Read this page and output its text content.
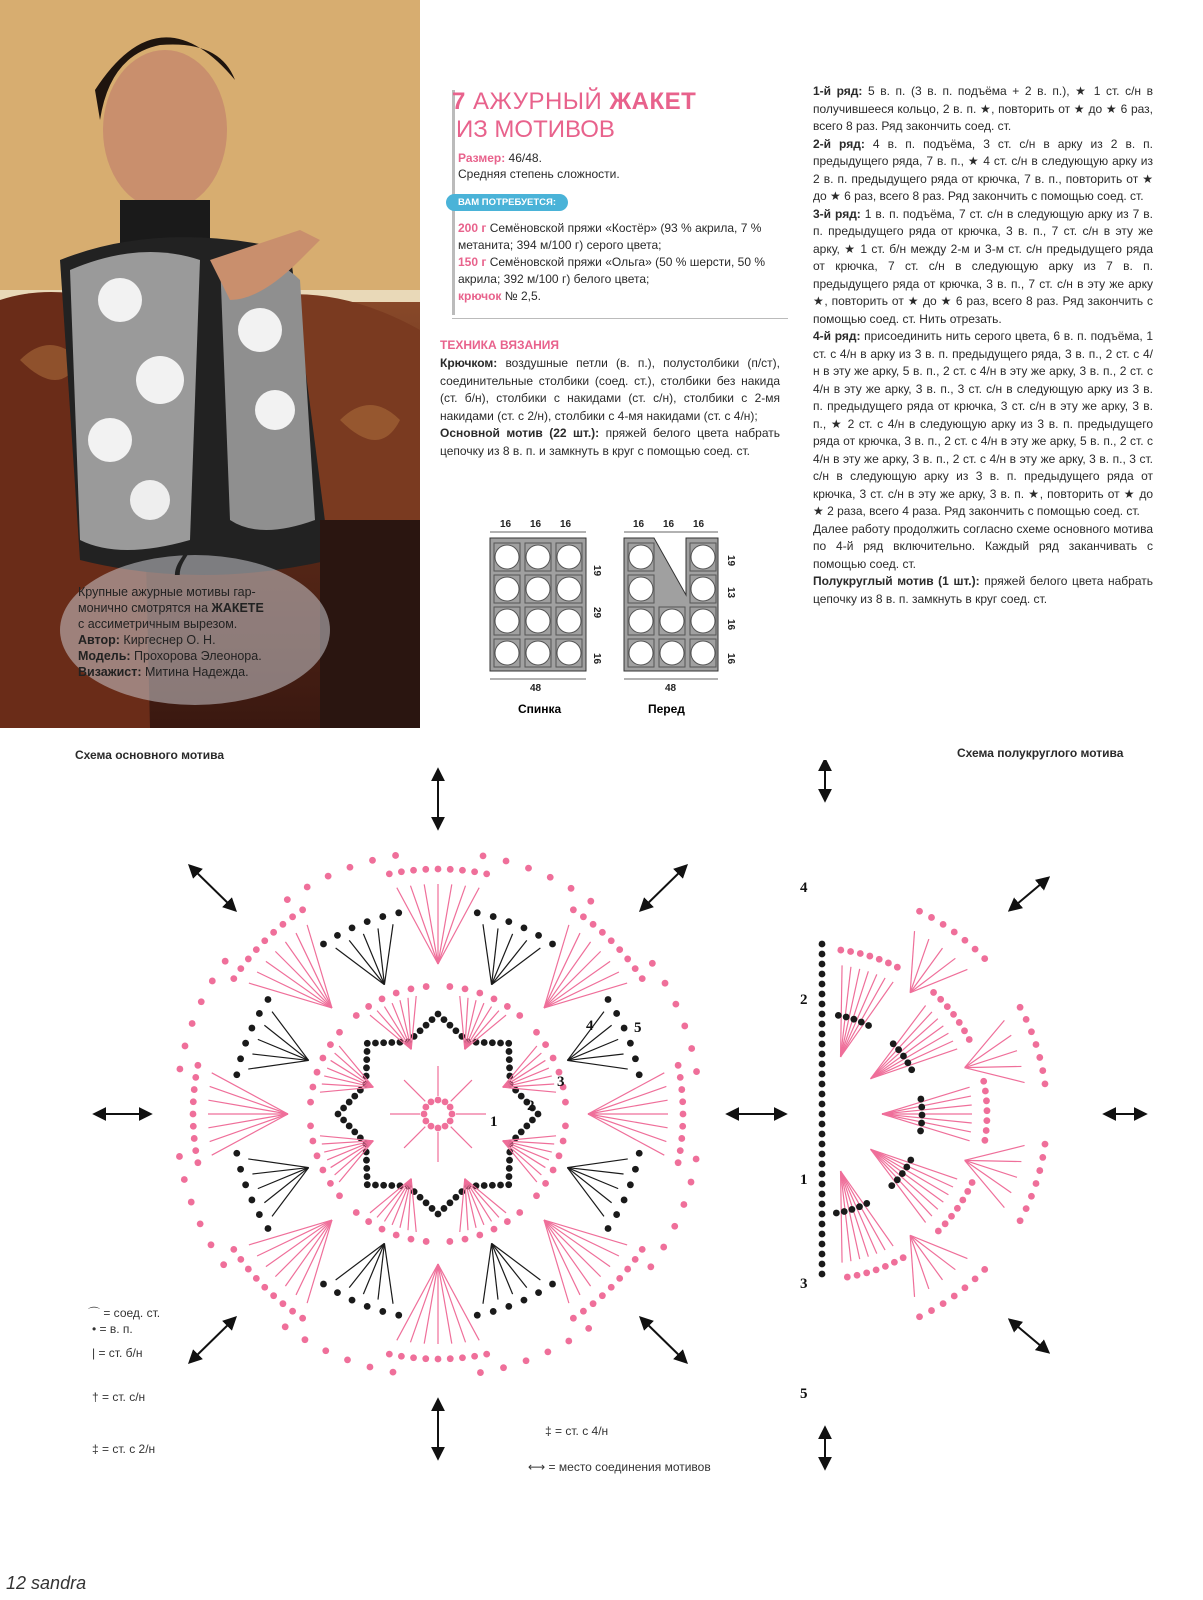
7
Крупные ажурные мотивы гар-
монично смотрятся на ЖАКЕТЕ
с ассиметричным вырезом.
Автор: Киргеснер О. Н.
Модель: Прохорова Элеонора.
Визажист: Митина Надежда.
7 АЖУРНЫЙ ЖАКЕТ
ИЗ МОТИВОВ
Размер: 46/48.
Средняя степень сложности.
ВАМ ПОТРЕБУЕТСЯ:
200 г Семёновской пряжи «Костёр» (93 % акрила, 7 % метанита; 394 м/100 г) серого цвета;
150 г Семёновской пряжи «Ольга» (50 % шерсти, 50 % акрила; 392 м/100 г) белого цвета;
крючок № 2,5.
ТЕХНИКА ВЯЗАНИЯ

Крючком: воздушные петли (в. п.), полустолбики (п/ст), соединительные столбики (соед. ст.), столбики без накида (ст. б/н), столбики с накидами (ст. с/н), столбики с 2-мя накидами (ст. с 2/н), столбики с 4-мя накидами (ст. с 4/н);

Основной мотив (22 шт.): пряжей белого цвета набрать цепочку из 8 в. п. и замкнуть в круг с помощью соед. ст.

1-й ряд: 5 в. п. (3 в. п. подъёма + 2 в. п.), ★ 1 ст. с/н в получившееся кольцо, 2 в. п. ★, повторить от ★ до ★ 6 раз, всего 8 раз. Ряд закончить соед. ст.

2-й ряд: 4 в. п. подъёма, 3 ст. с/н в арку из 2 в. п. предыдущего ряда, 7 в. п., ★ 4 ст. с/н в следующую арку из 2 в. п. предыдущего ряда от крючка, 7 в. п., повторить от ★ до ★ 6 раз, всего 8 раз. Ряд закончить с помощью соед. ст.

3-й ряд: 1 в. п. подъёма, 7 ст. с/н в следующую арку из 7 в. п. предыдущего ряда от крючка, 3 в. п., 7 ст. с/н в эту же арку, ★ 1 ст. б/н между 2-м и 3-м ст. с/н предыдущего ряда от крючка, 7 ст. с/н в следующую арку из 7 в. п. предыдущего ряда от крючка, 3 в. п., 7 ст. с/н в эту же арку ★, повторить от ★ до ★ 6 раз, всего 8 раз. Ряд закончить с помощью соед. ст. Нить отрезать.

4-й ряд: присоединить нить серого цвета, 6 в. п. подъёма, 1 ст. с 4/н в арку из 3 в. п. предыдущего ряда, 3 в. п., 2 ст. с 4/н в эту же арку, 5 в. п., 2 ст. с 4/н в эту же арку, 3 в. п., 2 ст. с 4/н в эту же арку, 3 в. п., 3 ст. с/н в следующую арку из 3 в. п. предыдущего ряда от крючка, 3 ст. с/н в эту же арку, 3 в. п., ★ 2 ст. с 4/н в следующую арку из 3 в. п. предыдущего ряда от крючка, 3 в. п., 2 ст. с 4/н в эту же арку, 5 в. п., 2 ст. с 4/н в эту же арку, 3 в. п., 2 ст. с 4/н в эту же арку, 3 в. п., 3 ст. с/н в следующую арку из 3 в. п. предыдущего ряда от крючка, 3 ст. с/н в эту же арку, 3 в. п. ★, повторить от ★ до ★ 2 раза, всего 4 раза. Ряд закончить с помощью соед. ст.

Далее работу продолжить согласно схеме основного мотива по 4-й ряд включительно. Каждый ряд заканчивать с помощью соед. ст.

Полукруглый мотив (1 шт.): пряжей белого цвета набрать цепочку из 8 в. п. замкнуть в круг соед. ст.

16 16 16	16 16 16
19
29
16
19
13
16
16
48	48
Спинка	Перед
Схема основного мотива	Схема полукруглого мотива
1
2
3
4	5
4
2
1
3
5
⌒ = соед. ст.
• = в. п.
| = ст. б/н
† = ст. с/н
‡ = ст. с 2/н
‡ = ст. с 4/н
⟷ = место соединения мотивов
12 sandra
